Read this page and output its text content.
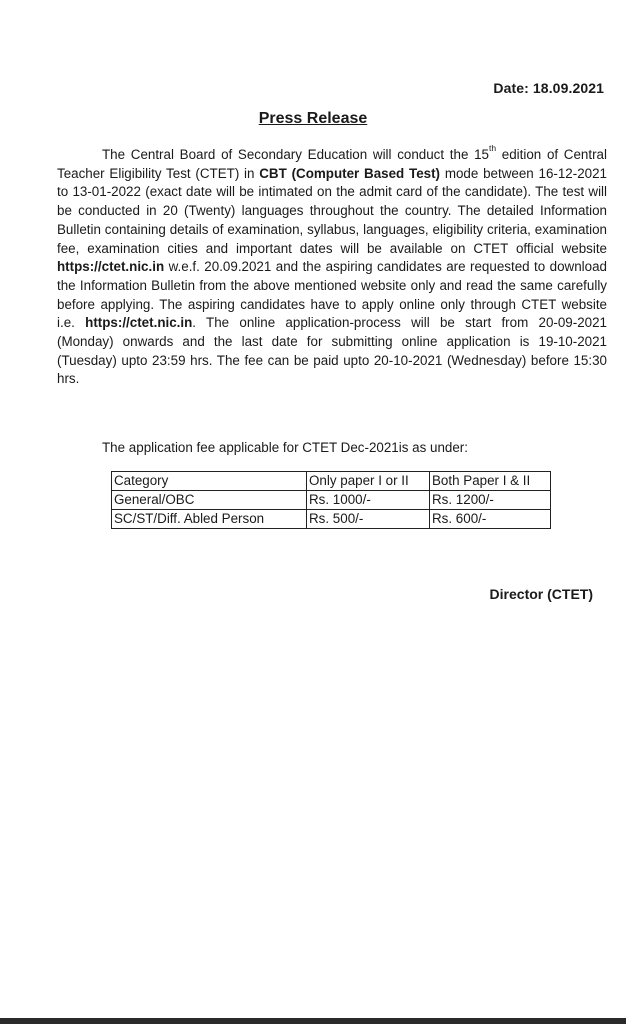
Date: 18.09.2021
Press Release

The Central Board of Secondary Education will conduct the 15th edition of Central Teacher Eligibility Test (CTET) in CBT (Computer Based Test) mode between 16-12-2021 to 13-01-2022 (exact date will be intimated on the admit card of the candidate). The test will be conducted in 20 (Twenty) languages throughout the country. The detailed Information Bulletin containing details of examination, syllabus, languages, eligibility criteria, examination fee, examination cities and important dates will be available on CTET official website https://ctet.nic.in w.e.f. 20.09.2021 and the aspiring candidates are requested to download the Information Bulletin from the above mentioned website only and read the same carefully before applying. The aspiring candidates have to apply online only through CTET website i.e. https://ctet.nic.in. The online application-process will be start from 20-09-2021 (Monday) onwards and the last date for submitting online application is 19-10-2021 (Tuesday) upto 23:59 hrs. The fee can be paid upto 20-10-2021 (Wednesday) before 15:30 hrs.

The application fee applicable for CTET Dec-2021is as under:
Category	Only paper I or II	Both Paper I & II
General/OBC	Rs. 1000/-	Rs. 1200/-
SC/ST/Diff. Abled Person	Rs. 500/-	Rs. 600/-
Director (CTET)
